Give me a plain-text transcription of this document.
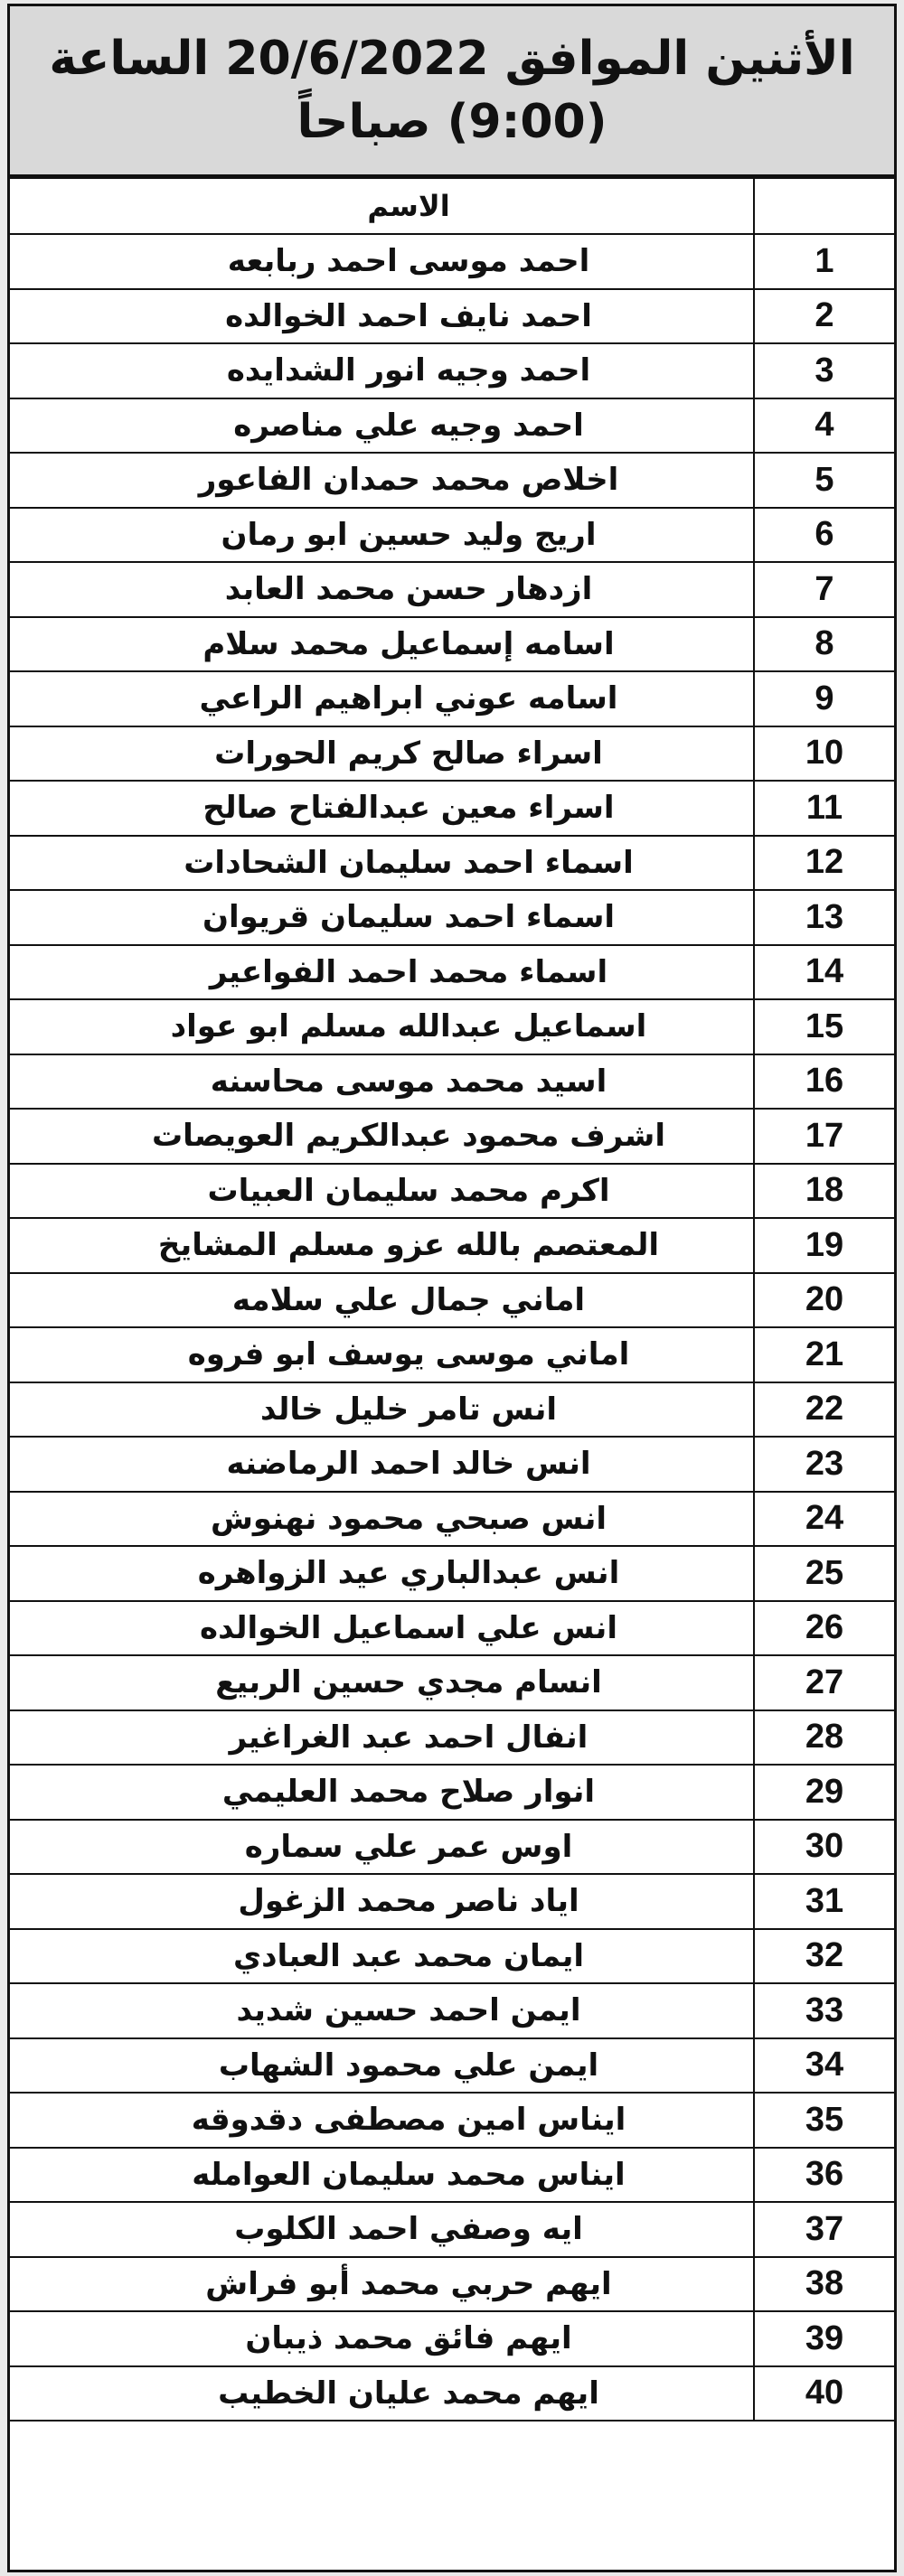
الأثنين الموافق 20/6/2022 الساعة
(9:00) صباحاً
	الاسم
1	احمد موسى احمد ربابعه
2	احمد نايف احمد الخوالده
3	احمد وجيه انور الشدايده
4	احمد وجيه علي مناصره
5	اخلاص محمد حمدان الفاعور
6	اريج وليد حسين ابو رمان
7	ازدهار حسن محمد العابد
8	اسامه إسماعيل محمد سلام
9	اسامه عوني ابراهيم الراعي
10	اسراء صالح كريم الحورات
11	اسراء معين عبدالفتاح صالح
12	اسماء احمد سليمان الشحادات
13	اسماء احمد سليمان قريوان
14	اسماء محمد احمد الفواعير
15	اسماعيل عبدالله مسلم ابو عواد
16	اسيد محمد موسى محاسنه
17	اشرف محمود عبدالكريم العويصات
18	اكرم محمد سليمان العبيات
19	المعتصم بالله عزو مسلم المشايخ
20	اماني جمال علي سلامه
21	اماني موسى يوسف ابو فروه
22	انس تامر خليل خالد
23	انس خالد احمد الرماضنه
24	انس صبحي محمود نهنوش
25	انس عبدالباري عيد الزواهره
26	انس علي اسماعيل الخوالده
27	انسام مجدي حسين الربيع
28	انفال احمد عبد الغراغير
29	انوار صلاح محمد العليمي
30	اوس عمر علي سماره
31	اياد ناصر محمد الزغول
32	ايمان محمد عبد العبادي
33	ايمن احمد حسين شديد
34	ايمن علي محمود الشهاب
35	ايناس امين مصطفى دقدوقه
36	ايناس محمد سليمان العوامله
37	ايه وصفي احمد الكلوب
38	ايهم حربي محمد أبو فراش
39	ايهم فائق محمد ذيبان
40	ايهم محمد عليان الخطيب
